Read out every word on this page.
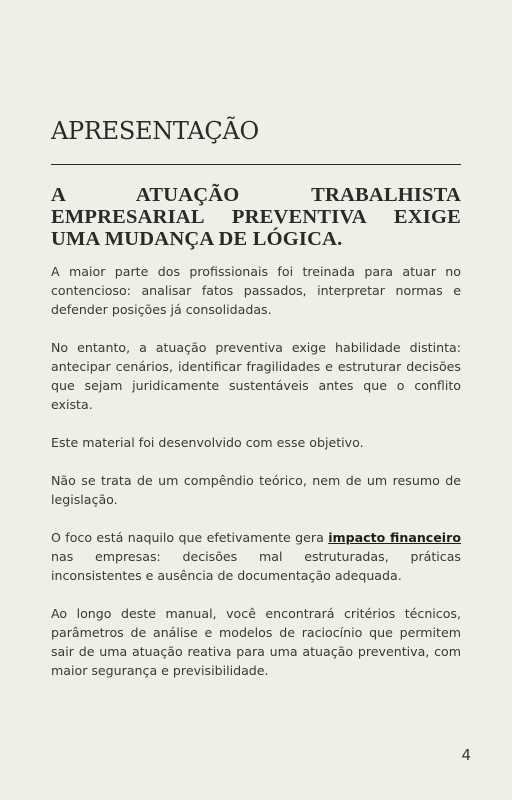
APRESENTAÇÃO
A ATUAÇÃO TRABALHISTA EMPRESARIAL PREVENTIVA EXIGE UMA MUDANÇA DE LÓGICA.

A maior parte dos profissionais foi treinada para atuar no contencioso: analisar fatos passados, interpretar normas e defender posições já consolidadas.

No entanto, a atuação preventiva exige habilidade distinta: antecipar cenários, identificar fragilidades e estruturar decisões que sejam juridicamente sustentáveis antes que o conflito exista.

Este material foi desenvolvido com esse objetivo.

Não se trata de um compêndio teórico, nem de um resumo de legislação.

O foco está naquilo que efetivamente gera impacto financeiro nas empresas: decisões mal estruturadas, práticas inconsistentes e ausência de documentação adequada.

Ao longo deste manual, você encontrará critérios técnicos, parâmetros de análise e modelos de raciocínio que permitem sair de uma atuação reativa para uma atuação preventiva, com maior segurança e previsibilidade.

4
